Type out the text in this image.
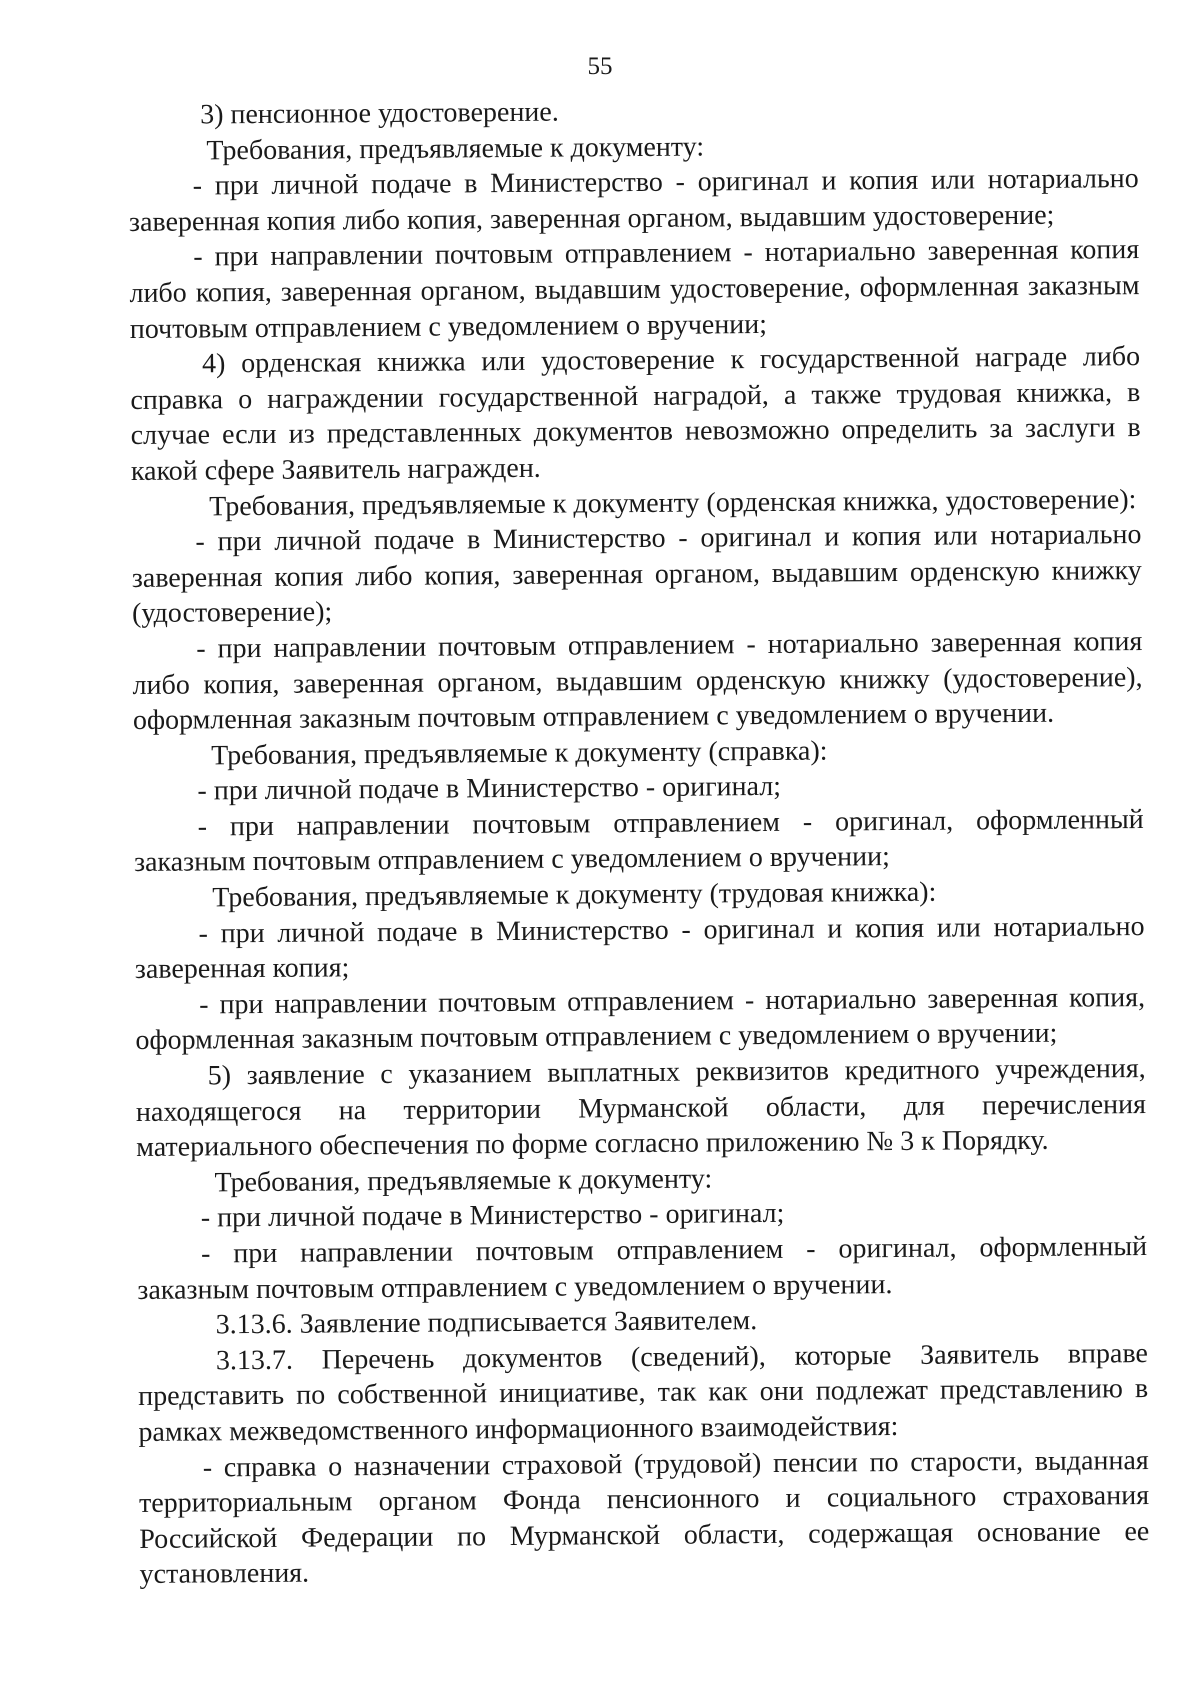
55

3) пенсионное удостоверение.

Требования, предъявляемые к документу:

- при личной подаче в Министерство - оригинал и копия или нотариально заверенная копия либо копия, заверенная органом, выдавшим удостоверение;

- при направлении почтовым отправлением - нотариально заверенная копия либо копия, заверенная органом, выдавшим удостоверение, оформленная заказным почтовым отправлением с уведомлением о вручении;

4) орденская книжка или удостоверение к государственной награде либо справка о награждении государственной наградой, а также трудовая книжка, в случае если из представленных документов невозможно определить за заслуги в какой сфере Заявитель награжден.

Требования, предъявляемые к документу (орденская книжка, удостоверение):

- при личной подаче в Министерство - оригинал и копия или нотариально заверенная копия либо копия, заверенная органом, выдавшим орденскую книжку (удостоверение);

- при направлении почтовым отправлением - нотариально заверенная копия либо копия, заверенная органом, выдавшим орденскую книжку (удостоверение), оформленная заказным почтовым отправлением с уведомлением о вручении.

Требования, предъявляемые к документу (справка):

- при личной подаче в Министерство - оригинал;

- при направлении почтовым отправлением - оригинал, оформленный заказным почтовым отправлением с уведомлением о вручении;

Требования, предъявляемые к документу (трудовая книжка):

- при личной подаче в Министерство - оригинал и копия или нотариально заверенная копия;

- при направлении почтовым отправлением - нотариально заверенная копия, оформленная заказным почтовым отправлением с уведомлением о вручении;

5) заявление с указанием выплатных реквизитов кредитного учреждения, находящегося на территории Мурманской области, для перечисления материального обеспечения по форме согласно приложению № 3 к Порядку.

Требования, предъявляемые к документу:

- при личной подаче в Министерство - оригинал;

- при направлении почтовым отправлением - оригинал, оформленный заказным почтовым отправлением с уведомлением о вручении.

3.13.6. Заявление подписывается Заявителем.

3.13.7. Перечень документов (сведений), которые Заявитель вправе представить по собственной инициативе, так как они подлежат представлению в рамках межведомственного информационного взаимодействия:

- справка о назначении страховой (трудовой) пенсии по старости, выданная территориальным органом Фонда пенсионного и социального страхования Российской Федерации по Мурманской области, содержащая основание ее установления.
